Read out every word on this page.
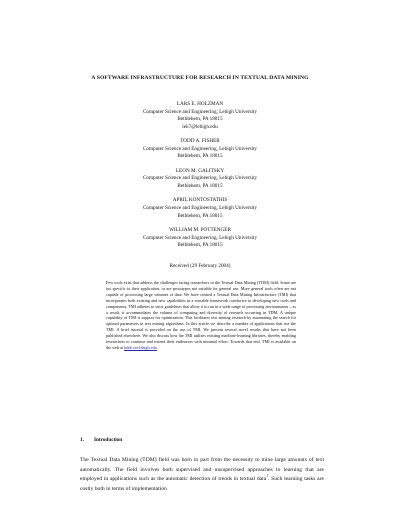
A SOFTWARE INFRASTRUCTURE FOR RESEARCH IN TEXTUAL DATA MINING
LARS E. HOLZMAN
Computer Science and Engineering, Lehigh University
Bethlehem, PA 18015
leh7@lehigh.edu
TODD A. FISHER
Computer Science and Engineering, Lehigh University
Bethlehem, PA 18015
LEON M. GALITSKY
Computer Science and Engineering, Lehigh University
Bethlehem, PA 18015
APRIL KONTOSTATHIS
Computer Science and Engineering, Lehigh University
Bethlehem, PA 18015
WILLIAM M. POTTENGER
Computer Science and Engineering, Lehigh University
Bethlehem, PA 18015
Received (29 February 2004)
Few tools exist that address the challenges facing researchers in the Textual Data Mining (TDM) field. Some are too specific to their application, or are prototypes not suitable for general use. More general tools often are not capable of processing large volumes of data. We have created a Textual Data Mining Infrastructure (TMI) that incorporates both existing and new capabilities in a reusable framework conducive to developing new tools and components. TMI adheres to strict guidelines that allow it to run in a wide range of processing environments – as a result, it accommodates the volume of computing and diversity of research occurring in TDM. A unique capability of TMI is support for optimization. This facilitates text mining research by automating the search for optimal parameters in text mining algorithms. In this article we describe a number of applications that use the TMI. A brief tutorial is provided on the use of TMI. We present several novel results that have not been published elsewhere. We also discuss how the TMI utilizes existing machine-learning libraries, thereby enabling researchers to continue and extend their endeavors with minimal effort. Towards that end, TMI is available on the web at hddi.cse.lehigh.edu.
1. Introduction
The Textual Data Mining (TDM) field was born in part from the necessity to mine large amounts of text automatically. The field involves both supervised and unsupervised approaches to learning that are employed in applications such as the automatic detection of trends in textual data$^1$. Such learning tasks are costly both in terms of implementation
